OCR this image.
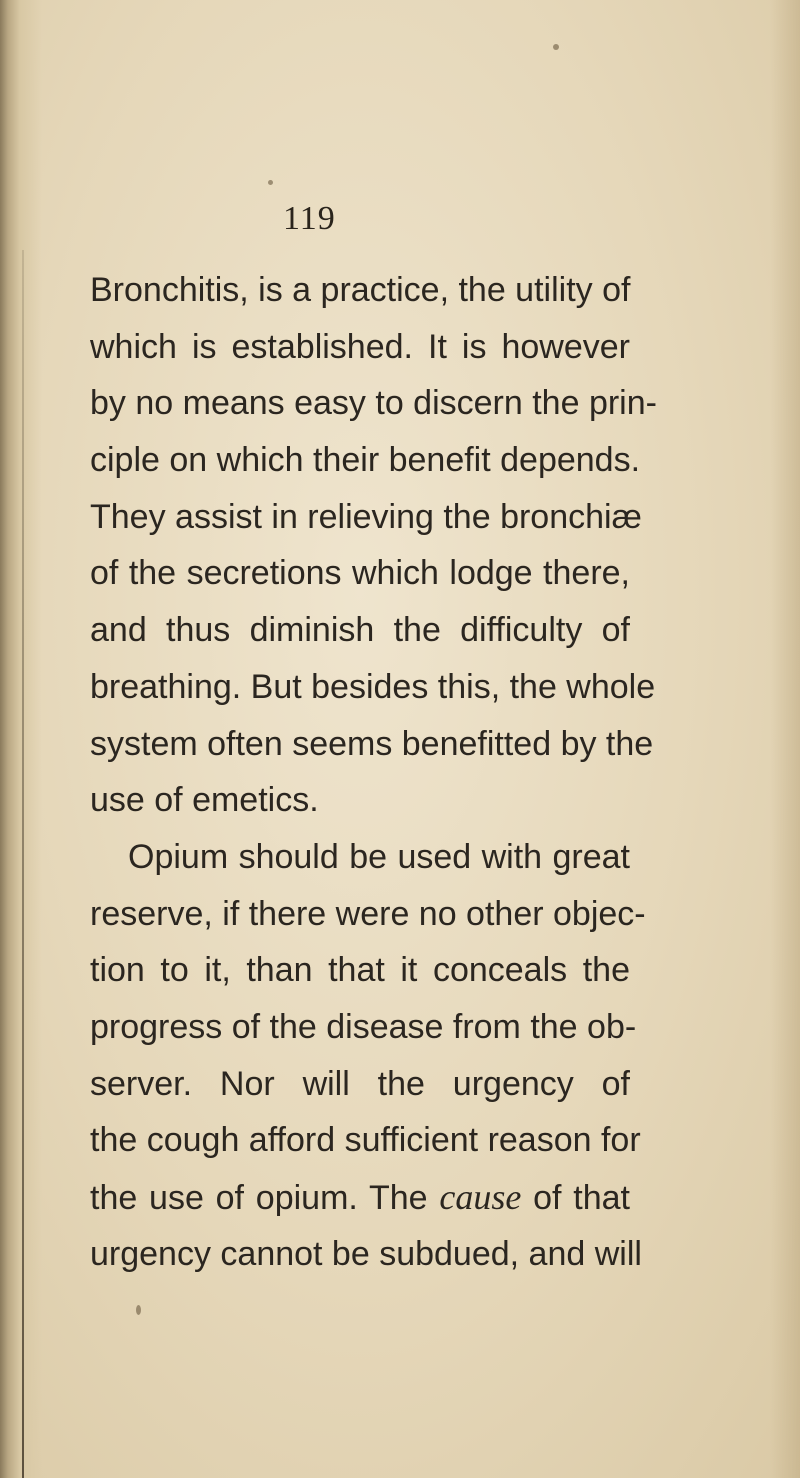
119
Bronchitis, is a practice, the utility of
which is established. It is however
by no means easy to discern the prin-
ciple on which their benefit depends.
They assist in relieving the bronchiæ
of the secretions which lodge there,
and thus diminish the difficulty of
breathing. But besides this, the whole
system often seems benefitted by the
use of emetics.
Opium should be used with great
reserve, if there were no other objec-
tion to it, than that it conceals the
progress of the disease from the ob-
server. Nor will the urgency of
the cough afford sufficient reason for
the use of opium. The cause of that
urgency cannot be subdued, and will
